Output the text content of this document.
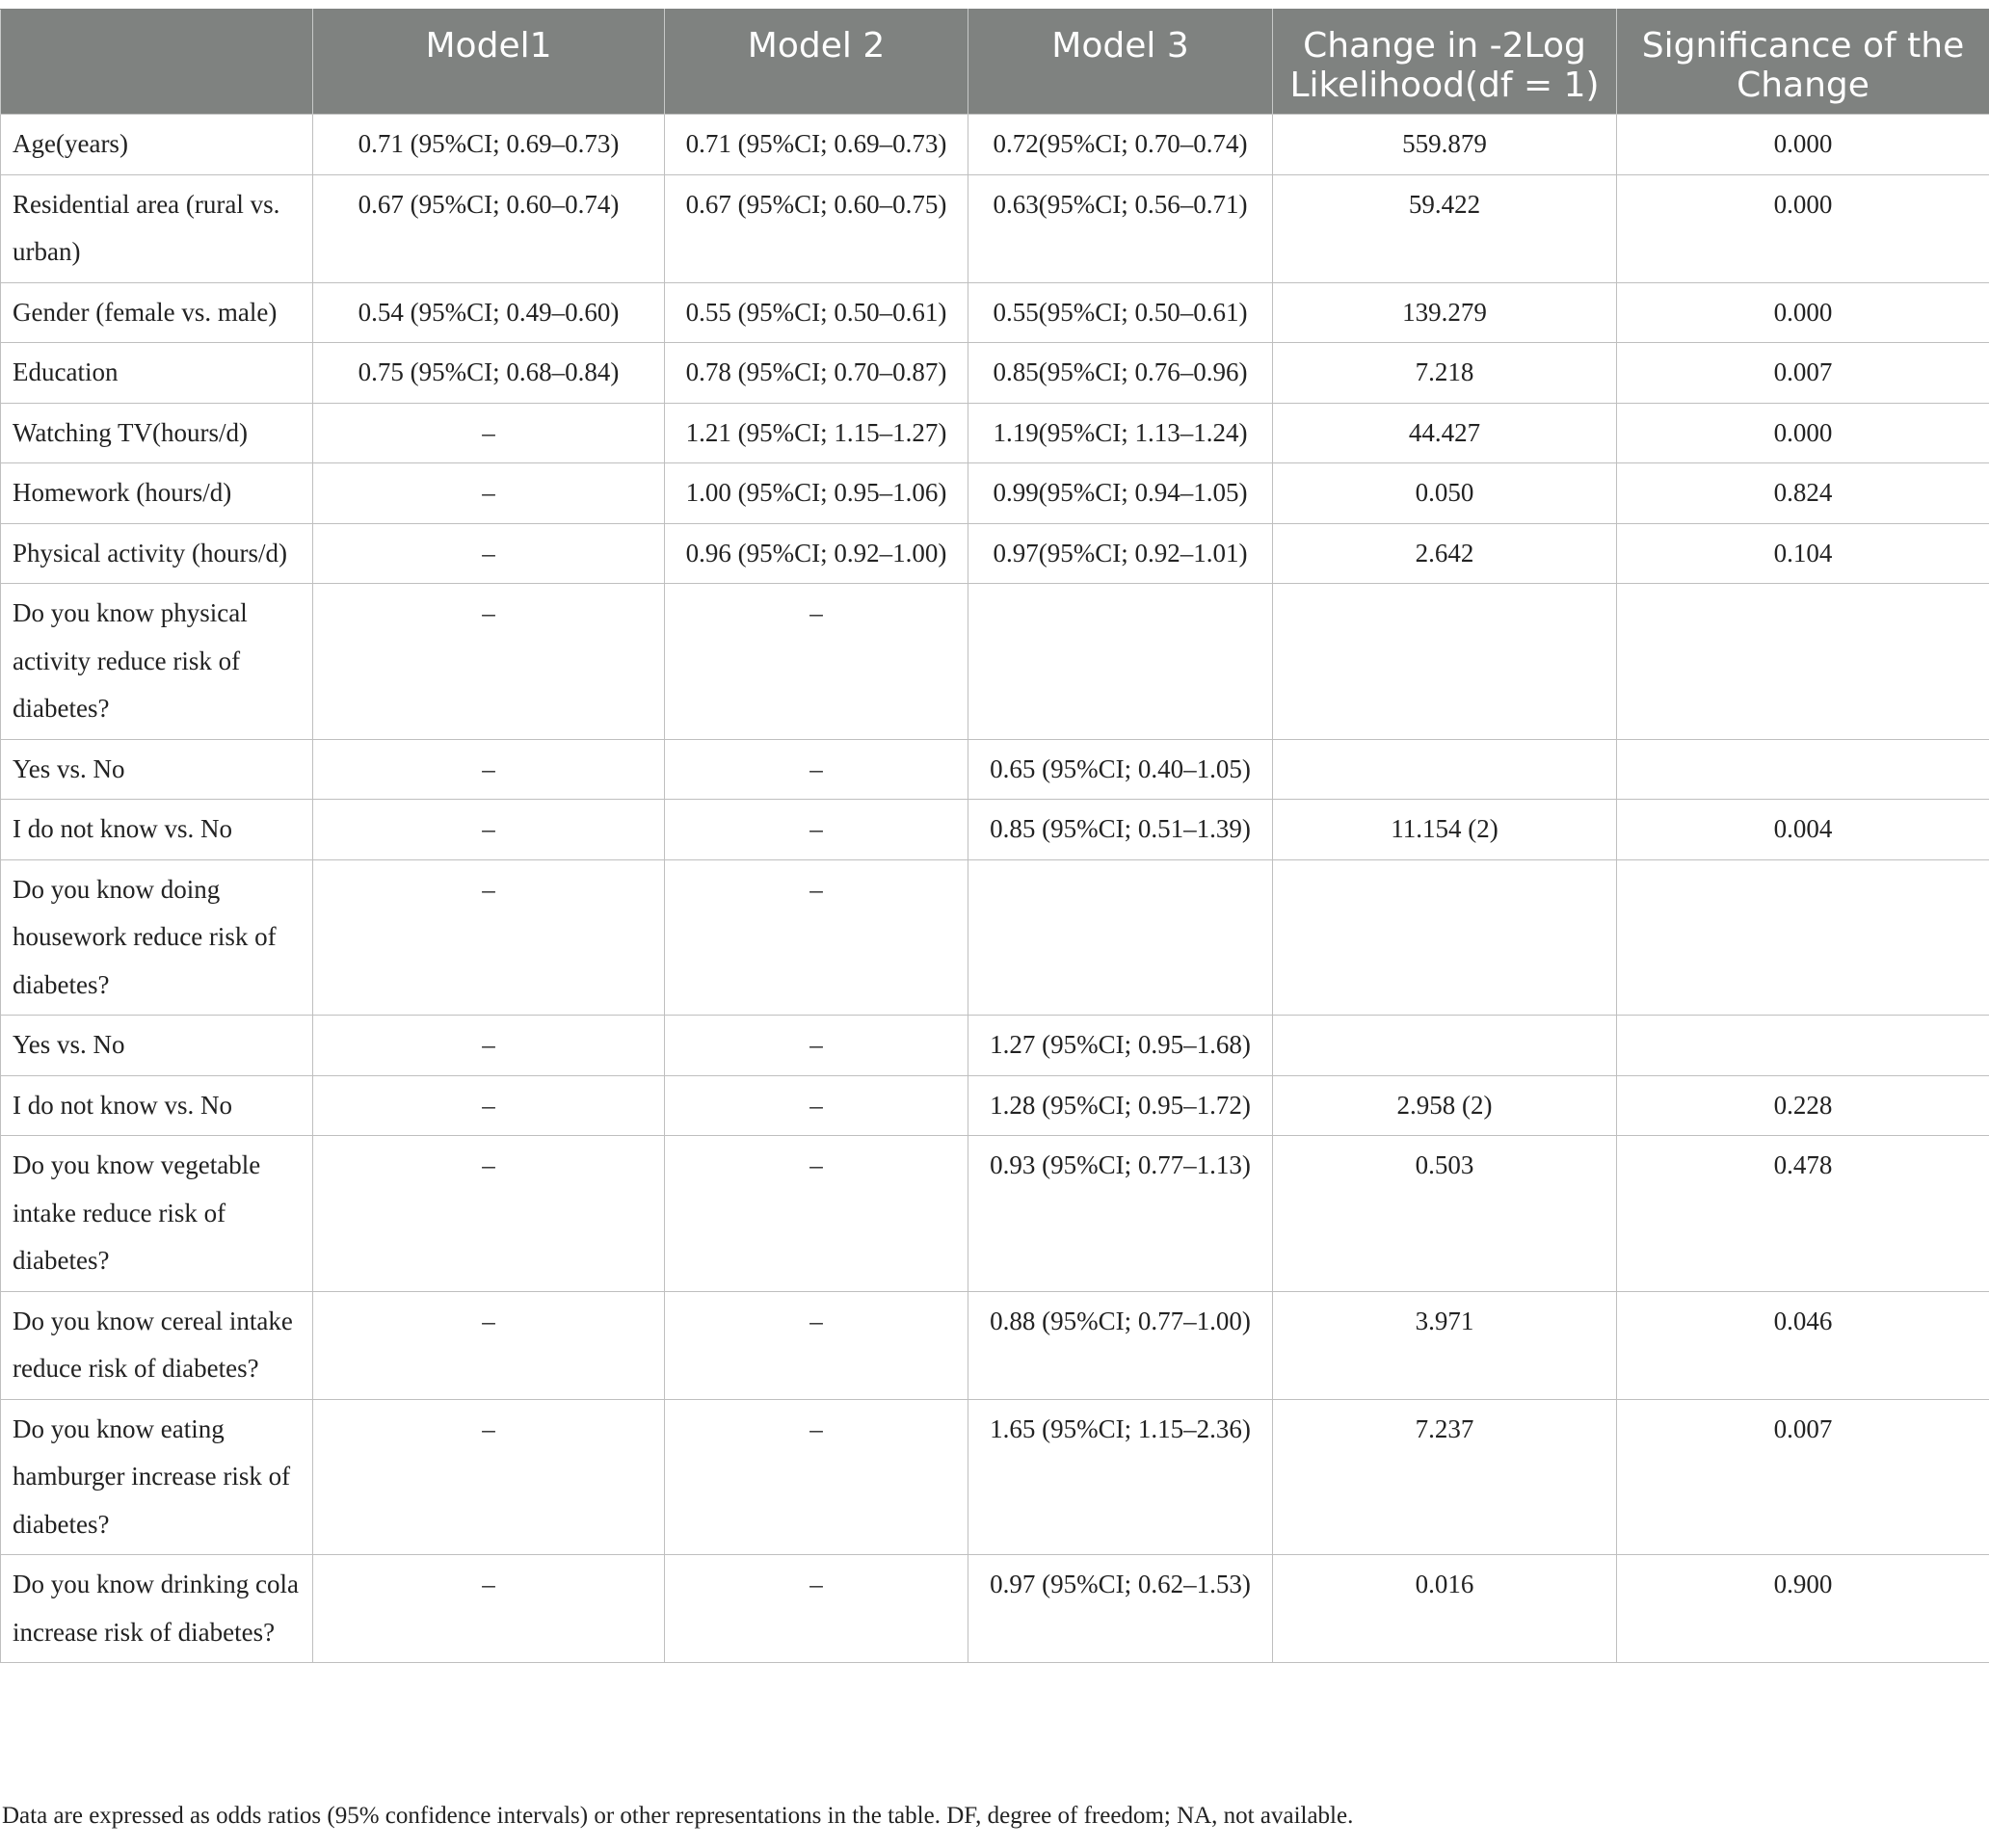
	Model1	Model 2	Model 3	Change in -2Log Likelihood(df = 1)	Significance of the Change

Age(years)	0.71 (95%CI; 0.69–0.73)	0.71 (95%CI; 0.69–0.73)	0.72(95%CI; 0.70–0.74)	559.879	0.000
Residential area (rural vs. urban)	0.67 (95%CI; 0.60–0.74)	0.67 (95%CI; 0.60–0.75)	0.63(95%CI; 0.56–0.71)	59.422	0.000
Gender (female vs. male)	0.54 (95%CI; 0.49–0.60)	0.55 (95%CI; 0.50–0.61)	0.55(95%CI; 0.50–0.61)	139.279	0.000
Education	0.75 (95%CI; 0.68–0.84)	0.78 (95%CI; 0.70–0.87)	0.85(95%CI; 0.76–0.96)	7.218	0.007
Watching TV(hours/d)	–	1.21 (95%CI; 1.15–1.27)	1.19(95%CI; 1.13–1.24)	44.427	0.000
Homework (hours/d)	–	1.00 (95%CI; 0.95–1.06)	0.99(95%CI; 0.94–1.05)	0.050	0.824
Physical activity (hours/d)	–	0.96 (95%CI; 0.92–1.00)	0.97(95%CI; 0.92–1.01)	2.642	0.104
Do you know physical activity reduce risk of diabetes?	–	–			
Yes vs. No	–	–	0.65 (95%CI; 0.40–1.05)		
I do not know vs. No	–	–	0.85 (95%CI; 0.51–1.39)	11.154 (2)	0.004
Do you know doing housework reduce risk of diabetes?	–	–			
Yes vs. No	–	–	1.27 (95%CI; 0.95–1.68)		
I do not know vs. No	–	–	1.28 (95%CI; 0.95–1.72)	2.958 (2)	0.228
Do you know vegetable intake reduce risk of diabetes?	–	–	0.93 (95%CI; 0.77–1.13)	0.503	0.478
Do you know cereal intake reduce risk of diabetes?	–	–	0.88 (95%CI; 0.77–1.00)	3.971	0.046
Do you know eating hamburger increase risk of diabetes?	–	–	1.65 (95%CI; 1.15–2.36)	7.237	0.007
Do you know drinking cola increase risk of diabetes?	–	–	0.97 (95%CI; 0.62–1.53)	0.016	0.900
Data are expressed as odds ratios (95% confidence intervals) or other representations in the table. DF, degree of freedom; NA, not available.
